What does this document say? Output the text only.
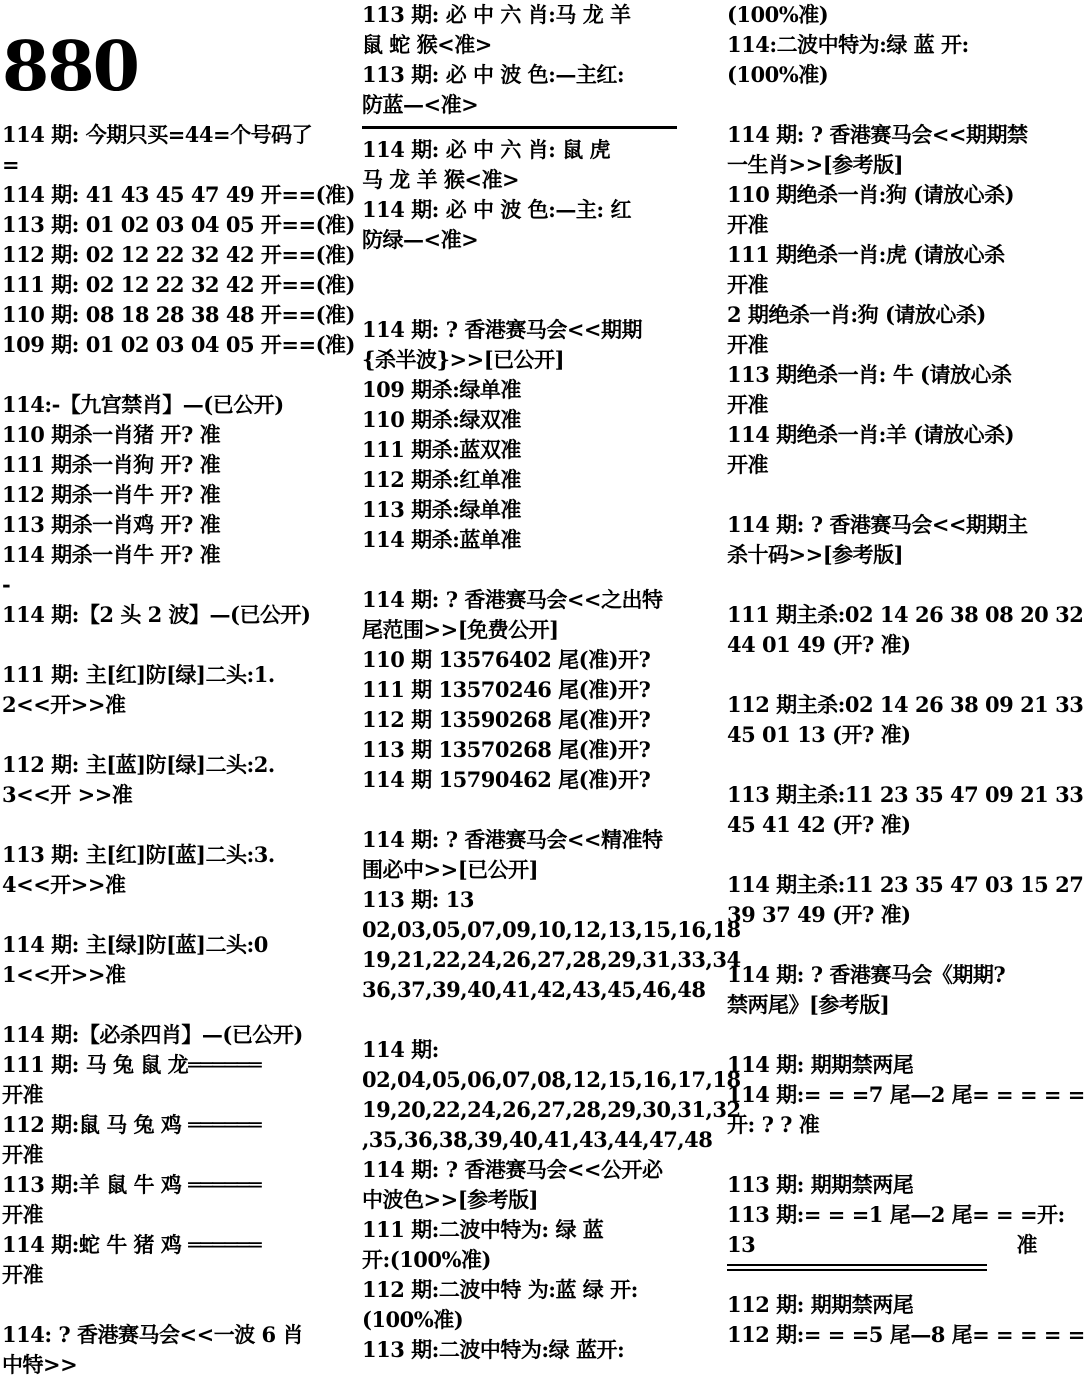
880
114 期: 今期只买=44=个号码了
=
114 期: 41 43 45 47 49 开==(准)
113 期: 01 02 03 04 05 开==(准)
112 期: 02 12 22 32 42 开==(准)
111 期: 02 12 22 32 42 开==(准)
110 期: 08 18 28 38 48 开==(准)
109 期: 01 02 03 04 05 开==(准)
114:-【九宫禁肖】—(已公开)
110 期杀一肖猪 开? 准
111 期杀一肖狗 开? 准
112 期杀一肖牛 开? 准
113 期杀一肖鸡 开? 准
114 期杀一肖牛 开? 准
-
114 期:【2 头 2 波】—(已公开)
111 期: 主[红]防[绿]二头:1.
2<<开>>准
112 期: 主[蓝]防[绿]二头:2.
3<<开 >>准
113 期: 主[红]防[蓝]二头:3.
4<<开>>准
114 期: 主[绿]防[蓝]二头:0
1<<开>>准
114 期:【必杀四肖】—(已公开)
111 期: 马 兔 鼠 龙══════
开准
112 期:鼠 马 兔 鸡 ══════
开准
113 期:羊 鼠 牛 鸡 ══════
开准
114 期:蛇 牛 猪 鸡 ══════
开准
114: ? 香港赛马会<<一波 6 肖
中特>>
113 期: 必 中 六 肖:马 龙 羊
鼠 蛇 猴<准>
113 期: 必 中 波 色:—主红:
防蓝—<准>
114 期: 必 中 六 肖: 鼠 虎
马 龙 羊 猴<准>
114 期: 必 中 波 色:—主: 红
防绿—<准>
114 期: ? 香港赛马会<<期期
{杀半波}>>[已公开]
109 期杀:绿单准
110 期杀:绿双准
111 期杀:蓝双准
112 期杀:红单准
113 期杀:绿单准
114 期杀:蓝单准
114 期: ? 香港赛马会<<之出特
尾范围>>[免费公开]
110 期 13576402 尾(准)开?
111 期 13570246 尾(准)开?
112 期 13590268 尾(准)开?
113 期 13570268 尾(准)开?
114 期 15790462 尾(准)开?
114 期: ? 香港赛马会<<精准特
围必中>>[已公开]
113 期: 13
02,03,05,07,09,10,12,13,15,16,18
19,21,22,24,26,27,28,29,31,33,34
36,37,39,40,41,42,43,45,46,48
114 期:
02,04,05,06,07,08,12,15,16,17,18
19,20,22,24,26,27,28,29,30,31,32
,35,36,38,39,40,41,43,44,47,48
114 期: ? 香港赛马会<<公开必
中波色>>[参考版]
111 期:二波中特为: 绿 蓝
开:(100%准)
112 期:二波中特 为:蓝 绿 开:
(100%准)
113 期:二波中特为:绿 蓝开:
(100%准)
114:二波中特为:绿 蓝 开:
(100%准)
114 期: ? 香港赛马会<<期期禁
一生肖>>[参考版]
110 期绝杀一肖:狗 (请放心杀)
开准
111 期绝杀一肖:虎 (请放心杀
开准
2 期绝杀一肖:狗 (请放心杀)
开准
113 期绝杀一肖: 牛 (请放心杀
开准
114 期绝杀一肖:羊 (请放心杀)
开准
114 期: ? 香港赛马会<<期期主
杀十码>>[参考版]
111 期主杀:02 14 26 38 08 20 32
44 01 49 (开? 准)
112 期主杀:02 14 26 38 09 21 33
45 01 13 (开? 准)
113 期主杀:11 23 35 47 09 21 33
45 41 42 (开? 准)
114 期主杀:11 23 35 47 03 15 27
39 37 49 (开? 准)
114 期: ? 香港赛马会《期期?
禁两尾》[参考版]
114 期: 期期禁两尾
114 期:= = =7 尾—2 尾= = = = =
开: ? ? 准
113 期: 期期禁两尾
113 期:= = =1 尾—2 尾= = =开:
13	准
112 期: 期期禁两尾
112 期:= = =5 尾—8 尾= = = = =
